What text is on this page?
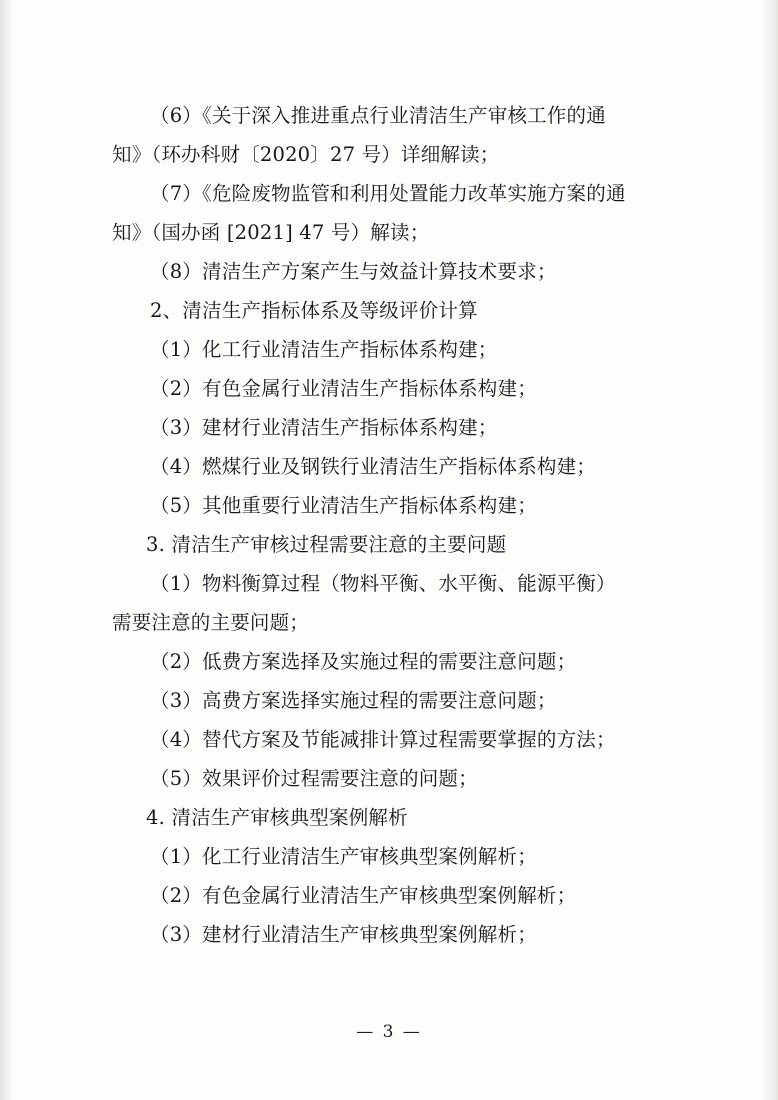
（6）《关于深入推进重点行业清洁生产审核工作的通

知》（环办科财〔2020〕27 号）详细解读；

（7）《危险废物监管和利用处置能力改革实施方案的通

知》（国办函 [2021] 47 号）解读；

（8）清洁生产方案产生与效益计算技术要求；

2、清洁生产指标体系及等级评价计算

（1）化工行业清洁生产指标体系构建；

（2）有色金属行业清洁生产指标体系构建；

（3）建材行业清洁生产指标体系构建；

（4）燃煤行业及钢铁行业清洁生产指标体系构建；

（5）其他重要行业清洁生产指标体系构建；

3. 清洁生产审核过程需要注意的主要问题

（1）物料衡算过程（物料平衡、水平衡、能源平衡）

需要注意的主要问题；

（2）低费方案选择及实施过程的需要注意问题；

（3）高费方案选择实施过程的需要注意问题；

（4）替代方案及节能减排计算过程需要掌握的方法；

（5）效果评价过程需要注意的问题；

4. 清洁生产审核典型案例解析

（1）化工行业清洁生产审核典型案例解析；

（2）有色金属行业清洁生产审核典型案例解析；

（3）建材行业清洁生产审核典型案例解析；

— 3 —
